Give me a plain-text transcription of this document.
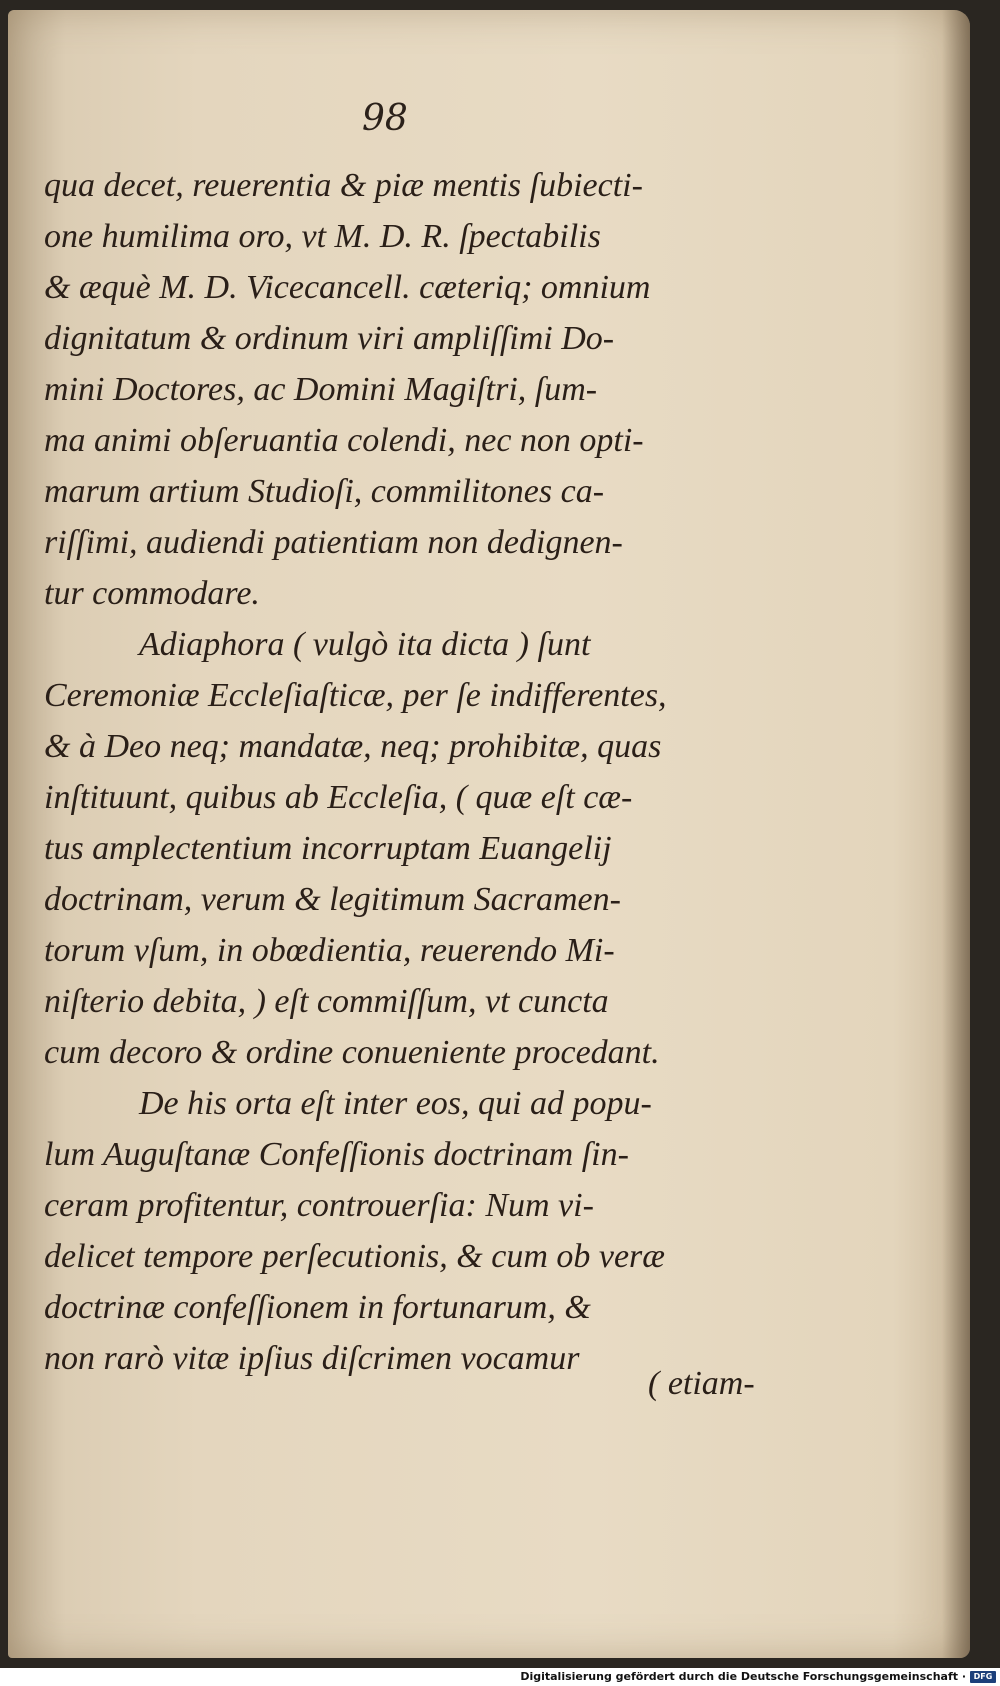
98
qua decet, reuerentia & piæ mentis ſubiecti-
one humilima oro, vt M. D. R. ſpectabilis
& æquè M. D. Vicecancell. cæteriq; omnium
dignitatum & ordinum viri ampliſſimi Do-
mini Doctores, ac Domini Magiſtri, ſum-
ma animi obſeruantia colendi, nec non opti-
marum artium Studioſi, commilitones ca-
riſſimi, audiendi patientiam non dedignen-
tur commodare.
Adiaphora ( vulgò ita dicta ) ſunt
Ceremoniæ Eccleſiaſticæ, per ſe indifferentes,
& à Deo neq; mandatæ, neq; prohibitæ, quas
inſtituunt, quibus ab Eccleſia, ( quæ eſt cæ-
tus amplectentium incorruptam Euangelij
doctrinam, verum & legitimum Sacramen-
torum vſum, in obœdientia, reuerendo Mi-
niſterio debita, ) eſt commiſſum, vt cuncta
cum decoro & ordine conueniente procedant.
De his orta eſt inter eos, qui ad popu-
lum Auguſtanæ Confeſſionis doctrinam ſin-
ceram profitentur, controuerſia: Num vi-
delicet tempore perſecutionis, & cum ob veræ
doctrinæ confeſſionem in fortunarum, &
non rarò vitæ ipſius diſcrimen vocamur
( etiam-
Digitalisierung gefördert durch die Deutsche Forschungsgemeinschaft · DFG
